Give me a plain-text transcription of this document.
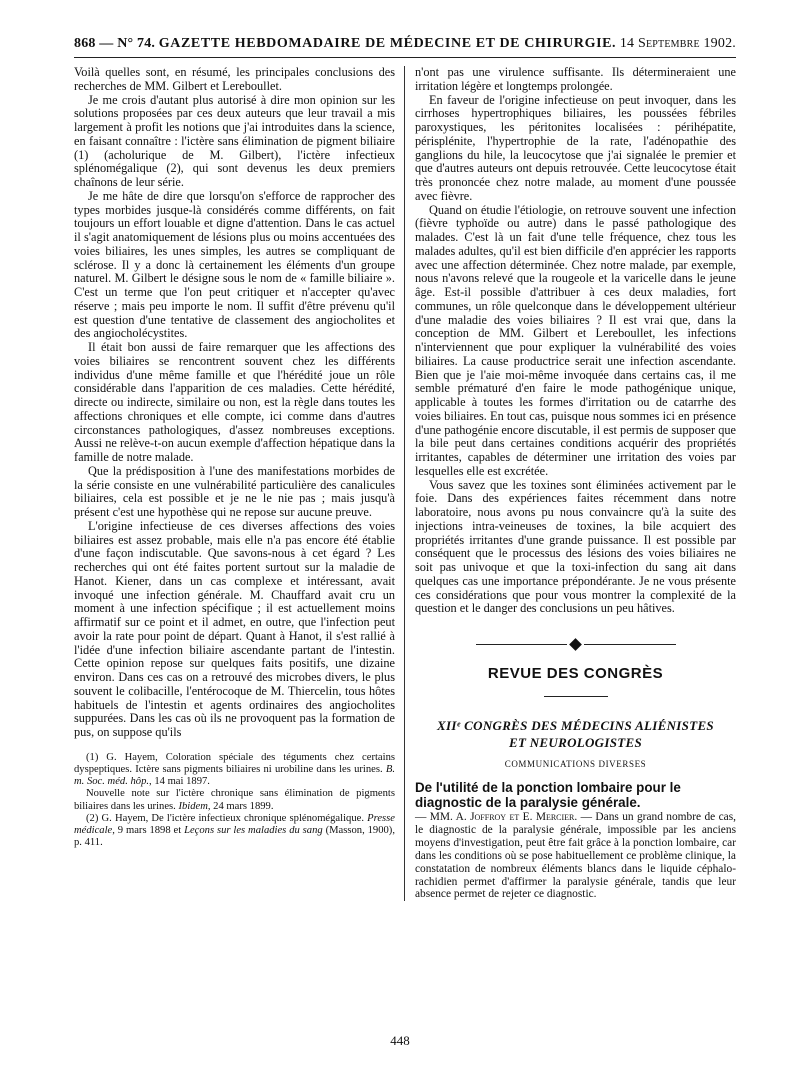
868 — N° 74. GAZETTE HEBDOMADAIRE DE MÉDECINE ET DE CHIRURGIE. 14 Septembre 1902.

Voilà quelles sont, en résumé, les principales conclusions des recherches de MM. Gilbert et Lereboullet.

Je me crois d'autant plus autorisé à dire mon opinion sur les solutions proposées par ces deux auteurs que leur travail a mis largement à profit les notions que j'ai introduites dans la science, en faisant connaître : l'ictère sans élimination de pigment biliaire (1) (acholurique de M. Gilbert), l'ictère infectieux splénomégalique (2), qui sont devenus les deux premiers chaînons de leur série.

Je me hâte de dire que lorsqu'on s'efforce de rapprocher des types morbides jusque-là considérés comme différents, on fait toujours un effort louable et digne d'attention. Dans le cas actuel il s'agit anatomiquement de lésions plus ou moins accentuées des voies biliaires, les unes simples, les autres se compliquant de sclérose. Il y a donc là certainement les éléments d'un groupe naturel. M. Gilbert le désigne sous le nom de « famille biliaire ». C'est un terme que l'on peut critiquer et n'accepter qu'avec réserve ; mais peu importe le nom. Il suffit d'être prévenu qu'il est question d'une tentative de classement des angiocholites et des angiocholécystites.

Il était bon aussi de faire remarquer que les affections des voies biliaires se rencontrent souvent chez les différents individus d'une même famille et que l'hérédité joue un rôle considérable dans l'apparition de ces maladies. Cette hérédité, directe ou indirecte, similaire ou non, est la règle dans toutes les affections chroniques et elle compte, ici comme dans d'autres circonstances pathologiques, d'assez nombreuses exceptions. Aussi ne relève-t-on aucun exemple d'affection hépatique dans la famille de notre malade.

Que la prédisposition à l'une des manifestations morbides de la série consiste en une vulnérabilité particulière des canalicules biliaires, cela est possible et je ne le nie pas ; mais jusqu'à présent c'est une hypothèse qui ne repose sur aucune preuve.

L'origine infectieuse de ces diverses affections des voies biliaires est assez probable, mais elle n'a pas encore été établie d'une façon indiscutable. Que savons-nous à cet égard ? Les recherches qui ont été faites portent surtout sur la maladie de Hanot. Kiener, dans un cas complexe et intéressant, avait invoqué une infection générale. M. Chauffard avait cru un moment à une infection spécifique ; il est actuellement moins affirmatif sur ce point et il admet, en outre, que l'infection peut avoir la rate pour point de départ. Quant à Hanot, il s'est rallié à l'idée d'une infection biliaire ascendante partant de l'intestin. Cette opinion repose sur quelques faits positifs, une dizaine environ. Dans ces cas on a retrouvé des microbes divers, le plus souvent le colibacille, l'entérocoque de M. Thiercelin, tous hôtes habituels de l'intestin et agents ordinaires des angiocholites suppurées. Dans les cas où ils ne provoquent pas la formation de pus, on suppose qu'ils

(1) G. Hayem, Coloration spéciale des téguments chez certains dyspeptiques. Ictère sans pigments biliaires ni urobiline dans les urines. B. m. Soc. méd. hôp., 14 mai 1897.

Nouvelle note sur l'ictère chronique sans élimination de pigments biliaires dans les urines. Ibidem, 24 mars 1899.

(2) G. Hayem, De l'ictère infectieux chronique splénomégalique. Presse médicale, 9 mars 1898 et Leçons sur les maladies du sang (Masson, 1900), p. 411.

n'ont pas une virulence suffisante. Ils détermineraient une irritation légère et longtemps prolongée.

En faveur de l'origine infectieuse on peut invoquer, dans les cirrhoses hypertrophiques biliaires, les poussées fébriles paroxystiques, les péritonites localisées : périhépatite, périsplénite, l'hypertrophie de la rate, l'adénopathie des ganglions du hile, la leucocytose que j'ai signalée le premier et que d'autres auteurs ont depuis retrouvée. Cette leucocytose était très prononcée chez notre malade, au moment d'une poussée avec fièvre.

Quand on étudie l'étiologie, on retrouve souvent une infection (fièvre typhoïde ou autre) dans le passé pathologique des malades. C'est là un fait d'une telle fréquence, chez tous les malades adultes, qu'il est bien difficile d'en apprécier les rapports avec une affection déterminée. Chez notre malade, par exemple, nous n'avons relevé que la rougeole et la varicelle dans le jeune âge. Est-il possible d'attribuer à ces deux maladies, fort communes, un rôle quelconque dans le développement ultérieur d'une maladie des voies biliaires ? Il est vrai que, dans la conception de MM. Gilbert et Lereboullet, les infections n'interviennent que pour expliquer la vulnérabilité des voies biliaires. La cause productrice serait une infection ascendante. Bien que je l'aie moi-même invoquée dans certains cas, il me semble prématuré d'en faire le mode pathogénique unique, applicable à toutes les formes d'irritation ou de catarrhe des voies biliaires. En tout cas, puisque nous sommes ici en présence d'une pathogénie encore discutable, il est permis de supposer que la bile peut dans certaines conditions acquérir des propriétés irritantes, capables de déterminer une irritation des voies par lesquelles elle est excrétée.

Vous savez que les toxines sont éliminées activement par le foie. Dans des expériences faites récemment dans notre laboratoire, nous avons pu nous convaincre qu'à la suite des injections intra-veineuses de toxines, la bile acquiert des propriétés irritantes d'une grande puissance. Il est possible par conséquent que le processus des lésions des voies biliaires ne soit pas univoque et que la toxi-infection du sang ait dans quelques cas une importance prépondérante. Je ne vous présente ces considérations que pour vous montrer la complexité de la question et le danger des conclusions un peu hâtives.

REVUE DES CONGRÈS
XIIᵉ CONGRÈS DES MÉDECINS ALIÉNISTES
ET NEUROLOGISTES
COMMUNICATIONS DIVERSES
De l'utilité de la ponction lombaire pour le diagnostic de la paralysie générale.
— MM. A. Joffroy et E. Mercier. — Dans un grand nombre de cas, le diagnostic de la paralysie générale, impossible par les anciens moyens d'investigation, peut être fait grâce à la ponction lombaire, car dans les conditions où se pose habituellement ce problème clinique, la constatation de nombreux éléments blancs dans le liquide céphalo-rachidien permet d'affirmer la paralysie générale, tandis que leur absence permet de rejeter ce diagnostic.
448
